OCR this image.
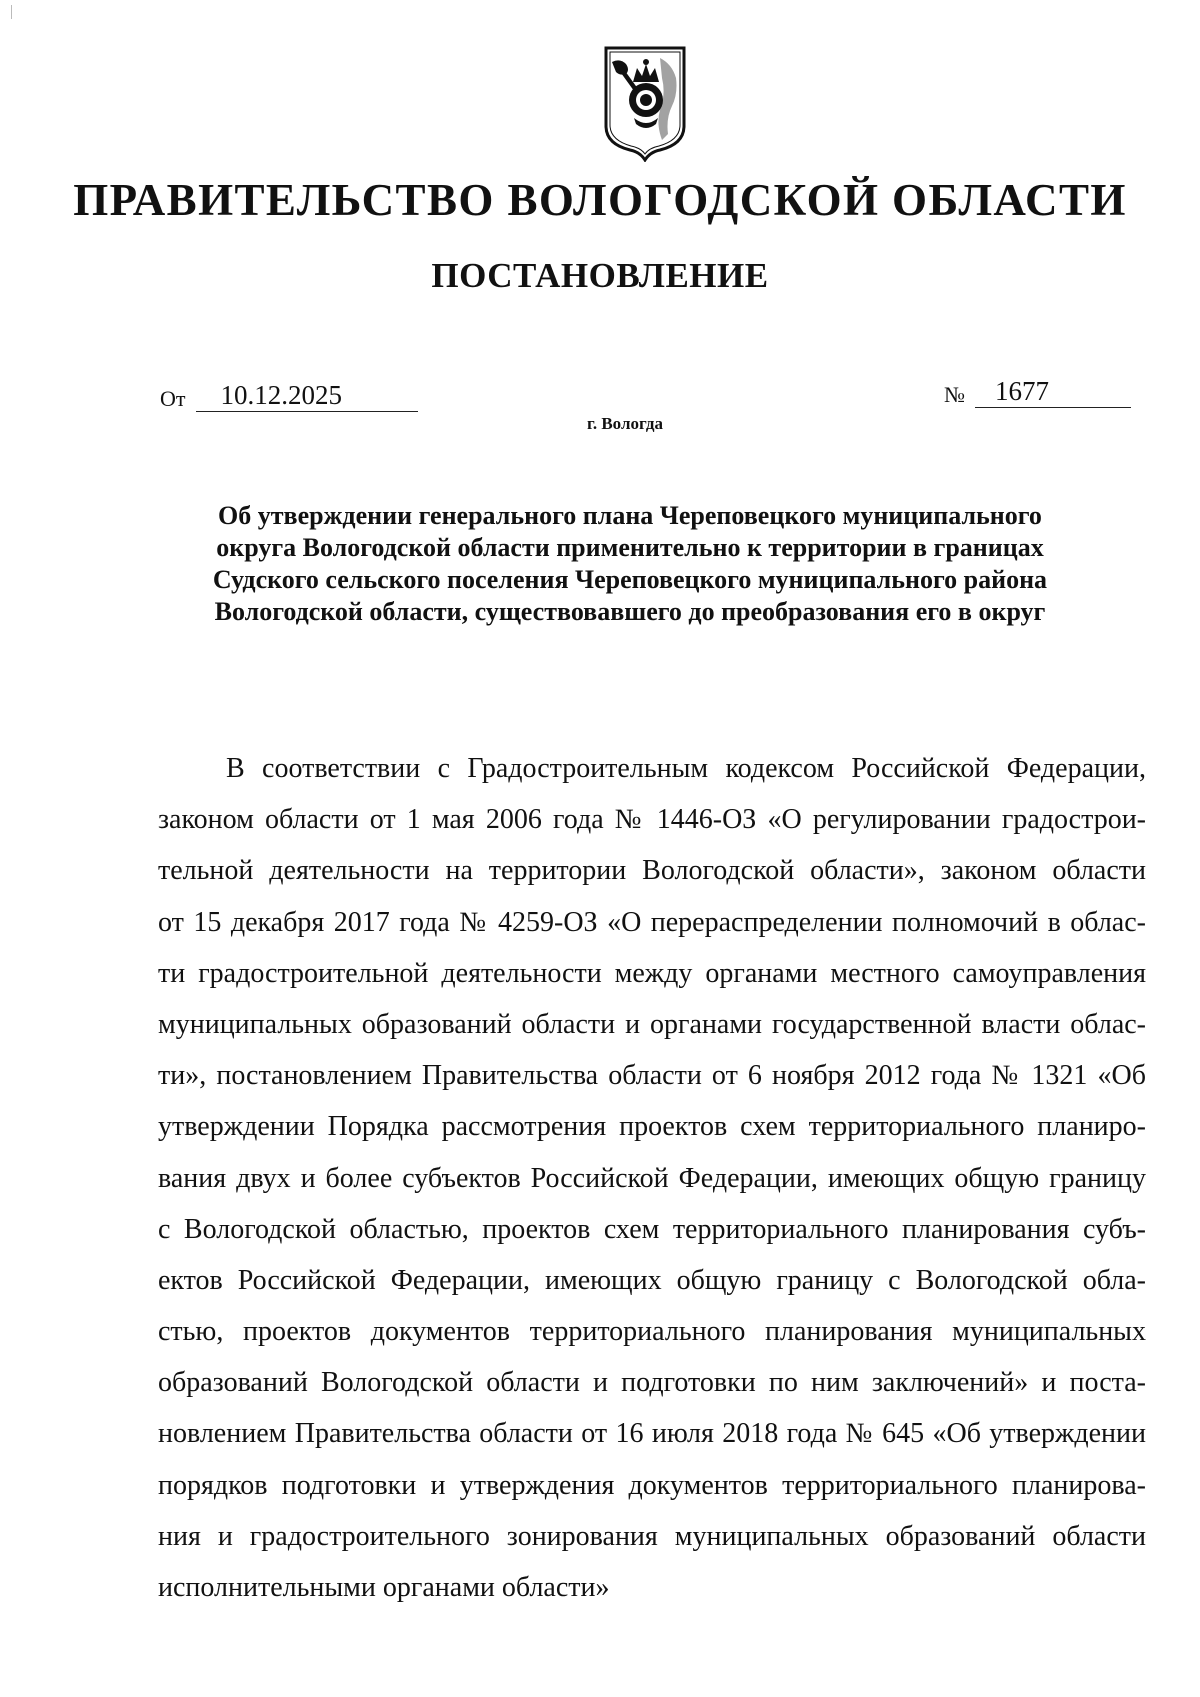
ПРАВИТЕЛЬСТВО ВОЛОГОДСКОЙ ОБЛАСТИ
ПОСТАНОВЛЕНИЕ
От	10.12.2025	№	1677
г. Вологда
Об утверждении генерального плана Череповецкого муниципального
округа Вологодской области применительно к территории в границах
Судского сельского поселения Череповецкого муниципального района
Вологодской области, существовавшего до преобразования его в округ
В соответствии с Градостроительным кодексом Российской Федерации,
законом области от 1 мая 2006 года № 1446-ОЗ «О регулировании градострои-
тельной деятельности на территории Вологодской области», законом области
от 15 декабря 2017 года № 4259-ОЗ «О перераспределении полномочий в облас-
ти градостроительной деятельности между органами местного самоуправления
муниципальных образований области и органами государственной власти облас-
ти», постановлением Правительства области от 6 ноября 2012 года № 1321 «Об
утверждении Порядка рассмотрения проектов схем территориального планиро-
вания двух и более субъектов Российской Федерации, имеющих общую границу
с Вологодской областью, проектов схем территориального планирования субъ-
ектов Российской Федерации, имеющих общую границу с Вологодской обла-
стью, проектов документов территориального планирования муниципальных
образований Вологодской области и подготовки по ним заключений» и поста-
новлением Правительства области от 16 июля 2018 года № 645 «Об утверждении
порядков подготовки и утверждения документов территориального планирова-
ния и градостроительного зонирования муниципальных образований области
исполнительными органами области»
